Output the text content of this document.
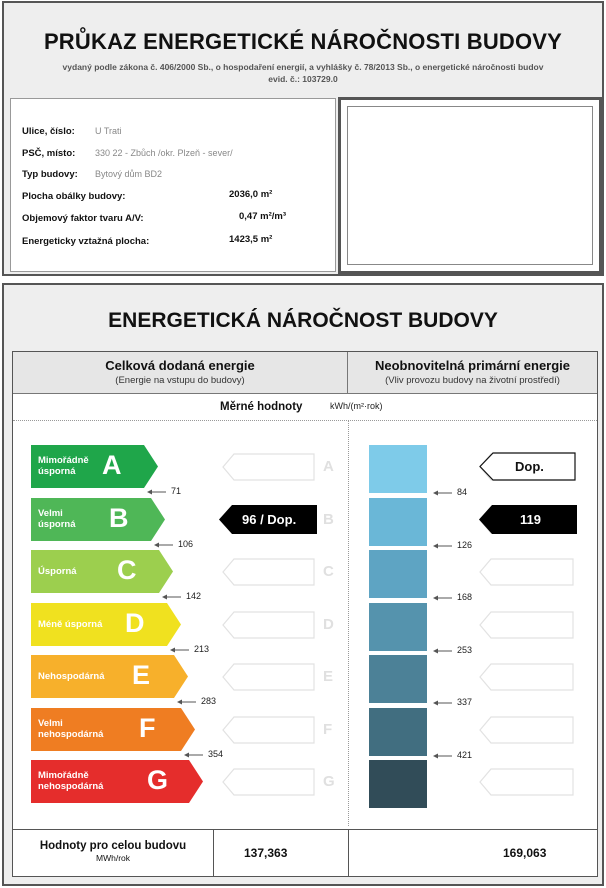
PRŮKAZ ENERGETICKÉ NÁROČNOSTI BUDOVY
vydaný podle zákona č. 406/2000 Sb., o hospodaření energií, a vyhlášky č. 78/2013 Sb., o energetické náročnosti budov
evid. č.: 103729.0
Ulice, číslo: U Trati
PSČ, místo: 330 22 - Zbůch /okr. Plzeň - sever/
Typ budovy: Bytový dům BD2
Plocha obálky budovy:	2036,0 m²
Objemový faktor tvaru A/V:	0,47 m²/m³
Energeticky vztažná plocha:	1423,5 m²
ENERGETICKÁ NÁROČNOST BUDOVY
Celková dodaná energie
(Energie na vstupu do budovy)
Neobnovitelná primární energie
(Vliv provozu budovy na životní prostředí)
Měrné hodnoty	kWh/(m²·rok)
Mimořádně
úsporná A	A
71
Velmi
úsporná B	B
106
Úsporná C	C
142
Méně úsporná D	D
213
Nehospodárná E	E
283
Velmi
nehospodárná F	F
354
Mimořádně
nehospodárná G	G
96 / Dop.
84
126
168
253
337
421
Dop.
119
Hodnoty pro celou budovu
MWh/rok	137,363	169,063
